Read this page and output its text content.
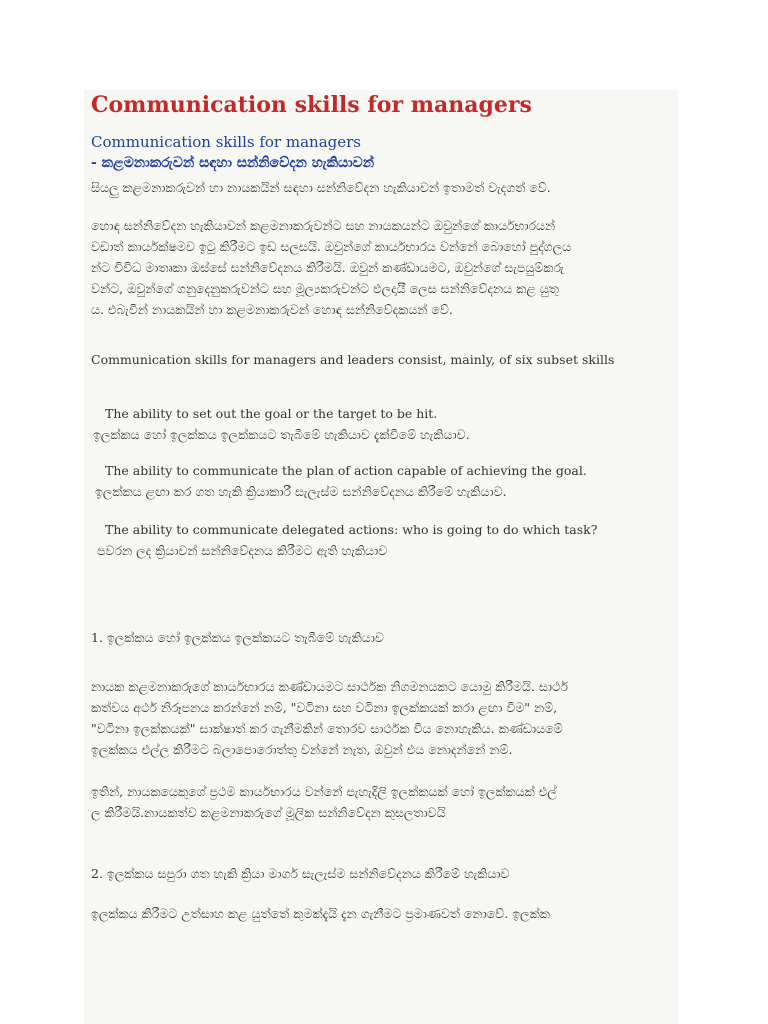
Communication skills for managers
Communication skills for managers
- කළමනාකරුවන් සඳහා සන්නිවේදන හැකියාවන්

සියලු කළමනාකරුවන් හා නායකයින් සඳහා සන්නිවේදන හැකියාවන් ඉතාමත් වැදගත් වේ.

හොඳ සන්නිවේදන හැකියාවන් කළමනාකරුවන්ට සහ නායකයන්ට ඔවුන්ගේ කාර්යභාරයන්
වඩාත් කාර්යක්ෂමව ඉටු කිරීමට ඉඩ සලසයි. ඔවුන්ගේ කාර්යභාරය වන්නේ බොහෝ පුද්ගලය
න්ට විවිධ මාතෘකා ඔස්සේ සන්නිවේදනය කිරීමයි. ඔවුන් කණ්ඩායමට, ඔවුන්ගේ සැපයුම්කරු
වන්ට, ඔවුන්ගේ ගනුදෙනුකරුවන්ට සහ මූල්‍යකරුවන්ට ඵලදායී ලෙස සන්නිවේදනය කළ යුතු
ය. එබැවින් නායකයින් හා කළමනාකරුවන් හොඳ සන්නිවේදකයන් වේ.

Communication skills for managers and leaders consist, mainly, of six subset skills

The ability to set out the goal or the target to be hit.
ඉලක්කය හෝ ඉලක්කය ඉලක්කයට තැබීමේ හැකියාව දැක්වීමේ හැකියාව.
The ability to communicate the plan of action capable of achieving the goal.
ඉලක්කය ළඟා කර ගත හැකි ක්‍රියාකාරී සැලැස්ම සන්නිවේදනය කිරීමේ හැකියාව.
The ability to communicate delegated actions: who is going to do which task?
පවරන ලද ක්‍රියාවන් සන්නිවේදනය කිරීමට ඇති හැකියාව

1. ඉලක්කය හෝ ඉලක්කය ඉලක්කයට තැබීමේ හැකියාව

නායක කළමනාකරුගේ කාර්යභාරය කණ්ඩායමට සාර්ථක නිගමනයකට යොමු කිරීමයි. සාර්ථ
කත්වය අර්ථ නිරූපනය කරන්නේ නම්, "වටිනා සහ වටිනා ඉලක්කයක් කරා ළඟා වීම" නම්,
"වටිනා ඉලක්කයක්" සාක්ෂාත් කර ගැනීමකින් තොරව සාර්ථක විය නොහැකිය. කණ්ඩායමේ
ඉලක්කය එල්ල කිරීමට බලාපොරොත්තු වන්නේ නැත, ඔවුන් එය නොදන්නේ නම්.
ඉතින්, නායකයෙකුගේ ප්‍රථම කාර්යභාරය වන්නේ පැහැදිලි ඉලක්කයක් හෝ ඉලක්කයක් එල්
ල කිරීමයි.නායකත්ව කළමනාකරුගේ මූලික සන්නිවේදන කුසලතාවයි

2. ඉලක්කය සපුරා ගත හැකි ක්‍රියා මාර්ග සැලැස්ම සන්නිවේදනය කිරීමේ හැකියාව

ඉලක්කය කිරීමට උත්සාහ කළ යුත්තේ කුමක්දැයි දැන ගැනීමට ප්‍රමාණවත් නොවේ. ඉලක්ක
